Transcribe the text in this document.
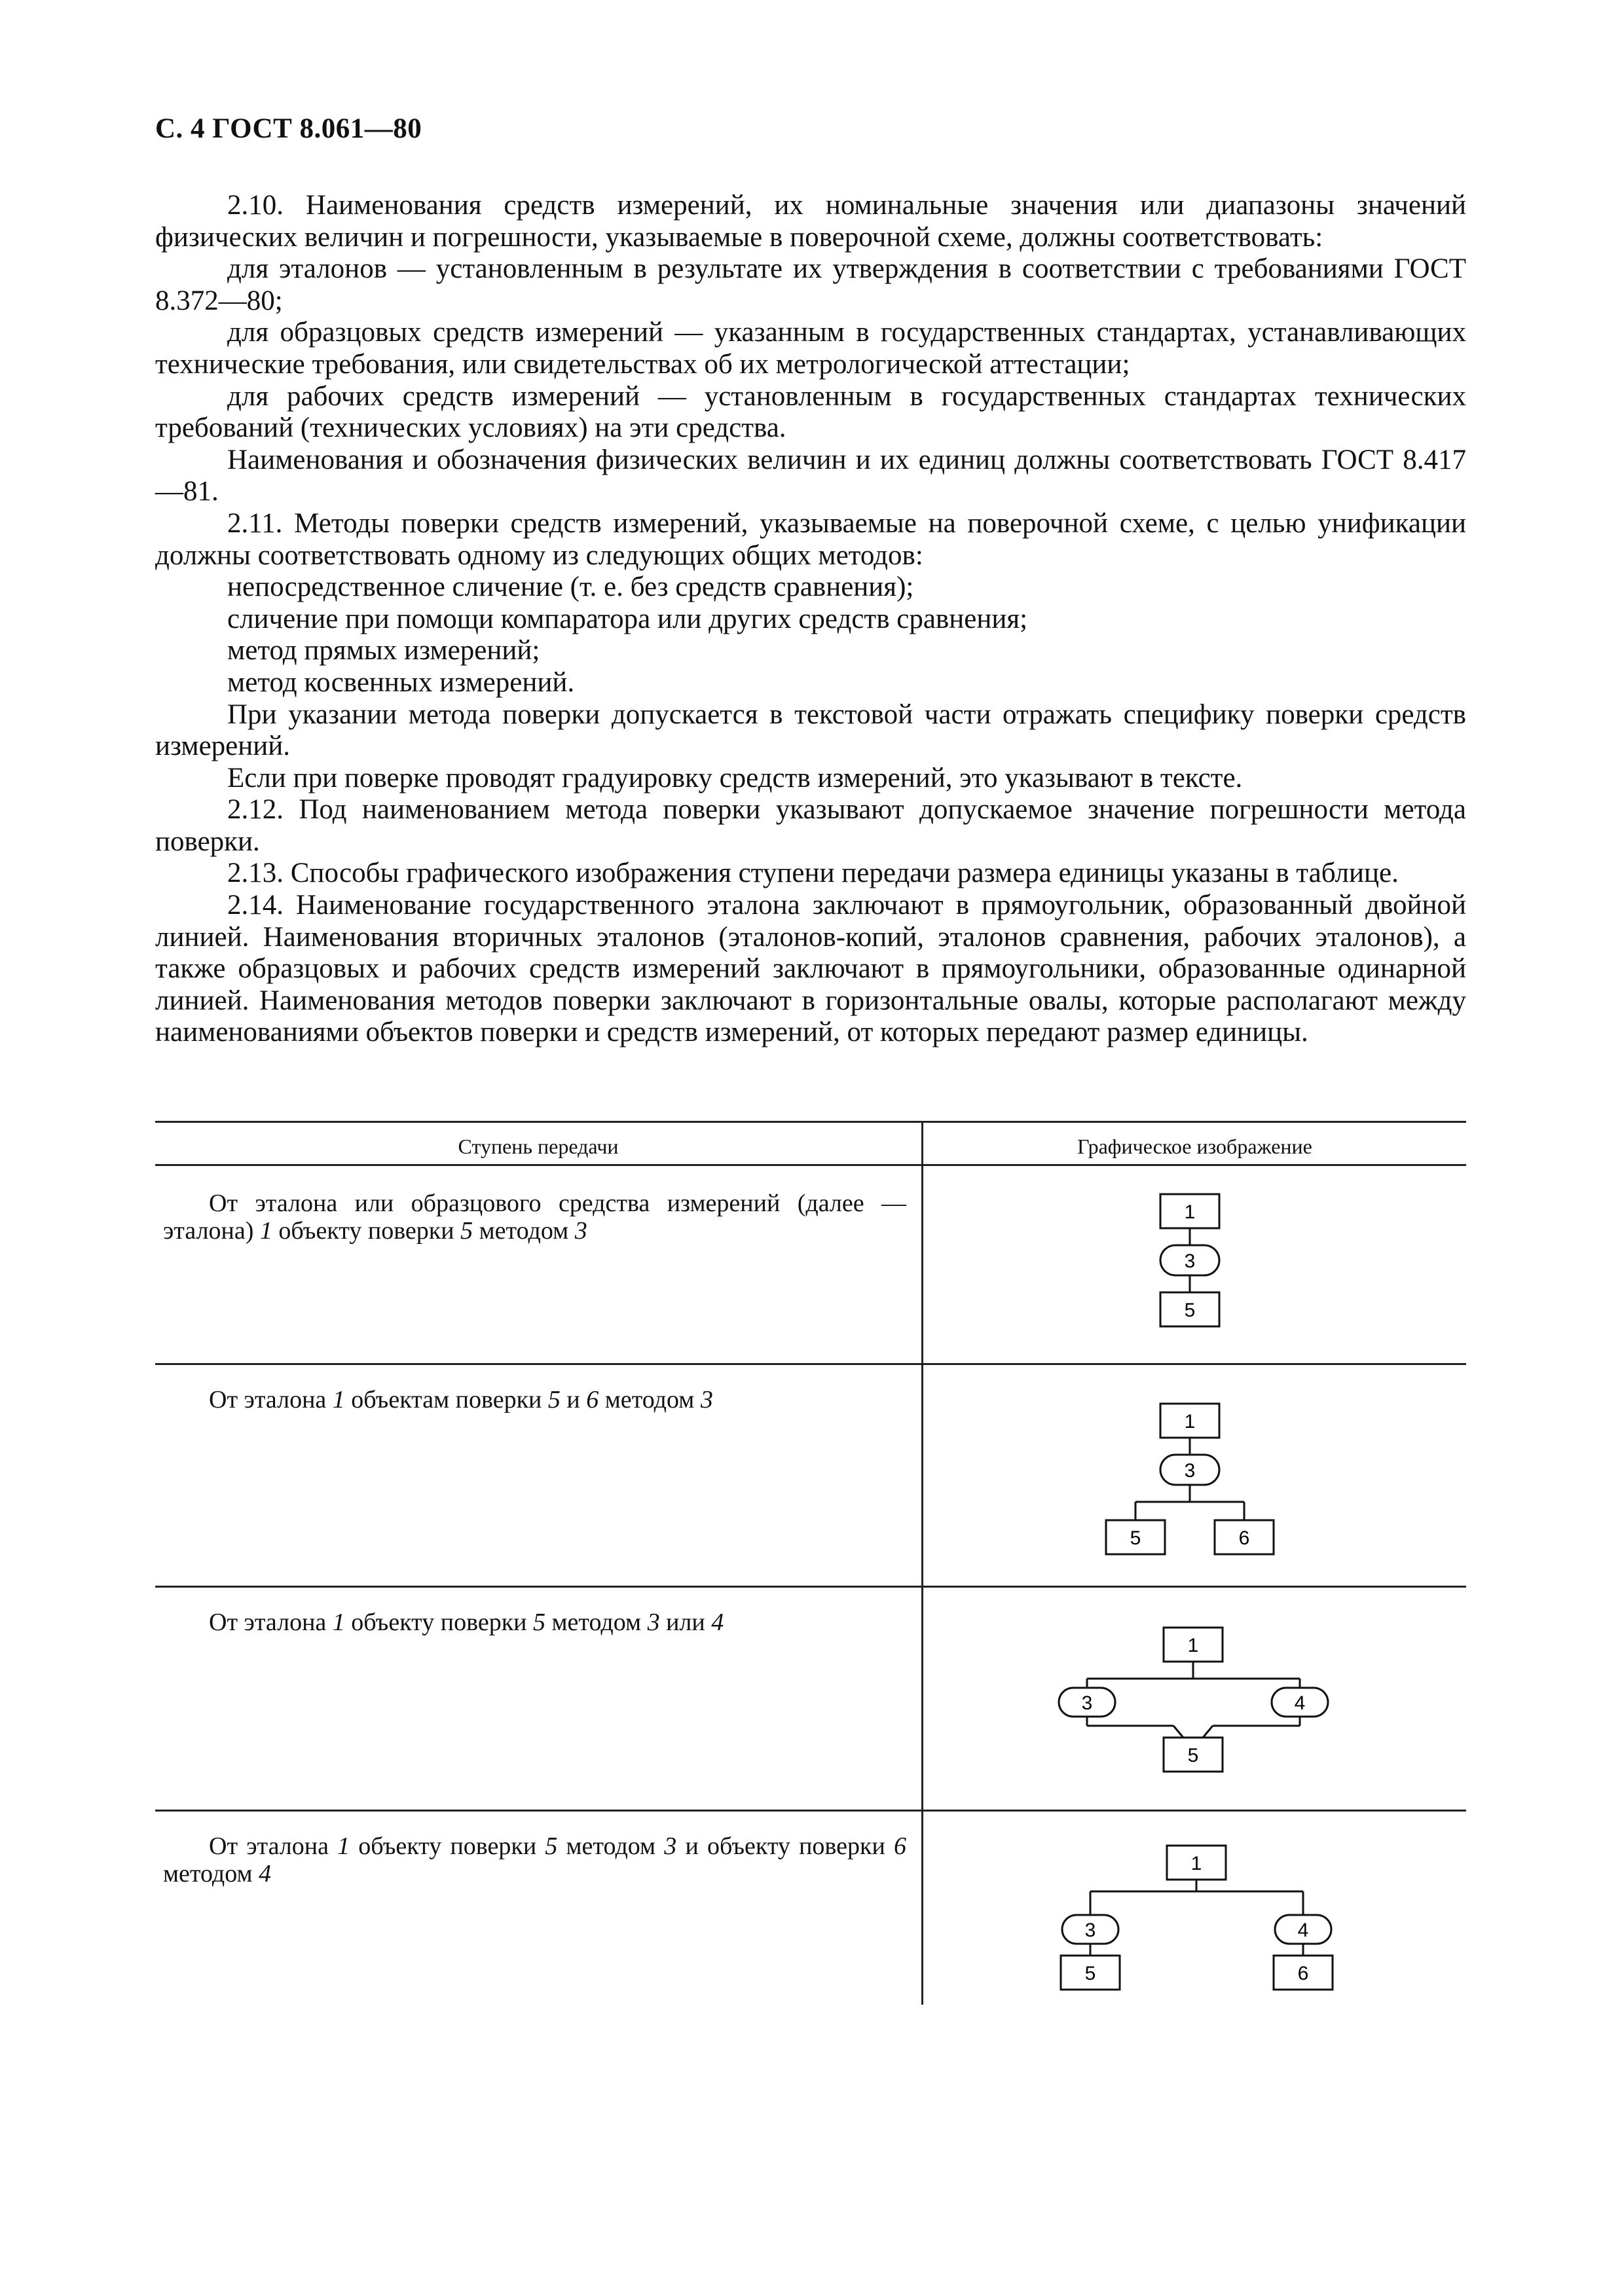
С. 4 ГОСТ 8.061—80

2.10. Наименования средств измерений, их номинальные значения или диапазоны значений физических величин и погрешности, указываемые в поверочной схеме, должны соответствовать:

для эталонов — установленным в результате их утверждения в соответствии с требованиями ГОСТ 8.372—80;

для образцовых средств измерений — указанным в государственных стандартах, устанавливающих технические требования, или свидетельствах об их метрологической аттестации;

для рабочих средств измерений — установленным в государственных стандартах технических требований (технических условиях) на эти средства.

Наименования и обозначения физических величин и их единиц должны соответствовать ГОСТ 8.417—81.

2.11. Методы поверки средств измерений, указываемые на поверочной схеме, с целью унификации должны соответствовать одному из следующих общих методов:

непосредственное сличение (т. е. без средств сравнения);

сличение при помощи компаратора или других средств сравнения;

метод прямых измерений;

метод косвенных измерений.

При указании метода поверки допускается в текстовой части отражать специфику поверки средств измерений.

Если при поверке проводят градуировку средств измерений, это указывают в тексте.

2.12. Под наименованием метода поверки указывают допускаемое значение погрешности метода поверки.

2.13. Способы графического изображения ступени передачи размера единицы указаны в таблице.

2.14. Наименование государственного эталона заключают в прямоугольник, образованный двойной линией. Наименования вторичных эталонов (эталонов-копий, эталонов сравнения, рабочих эталонов), а также образцовых и рабочих средств измерений заключают в прямоугольники, образованные одинарной линией. Наименования методов поверки заключают в горизонтальные овалы, которые располагают между наименованиями объектов поверки и средств измерений, от которых передают размер единицы.

Ступень передачи	Графическое изображение

От эталона или образцового средства измерений (далее — эталона) 1 объекту поверки 5 методом 3

1
3
5

От эталона 1 объектам поверки 5 и 6 методом 3

1
3
5	6

От эталона 1 объекту поверки 5 методом 3 или 4

1
3	4
5

От эталона 1 объекту поверки 5 методом 3 и объекту поверки 6 методом 4	1
3	4
5	6
